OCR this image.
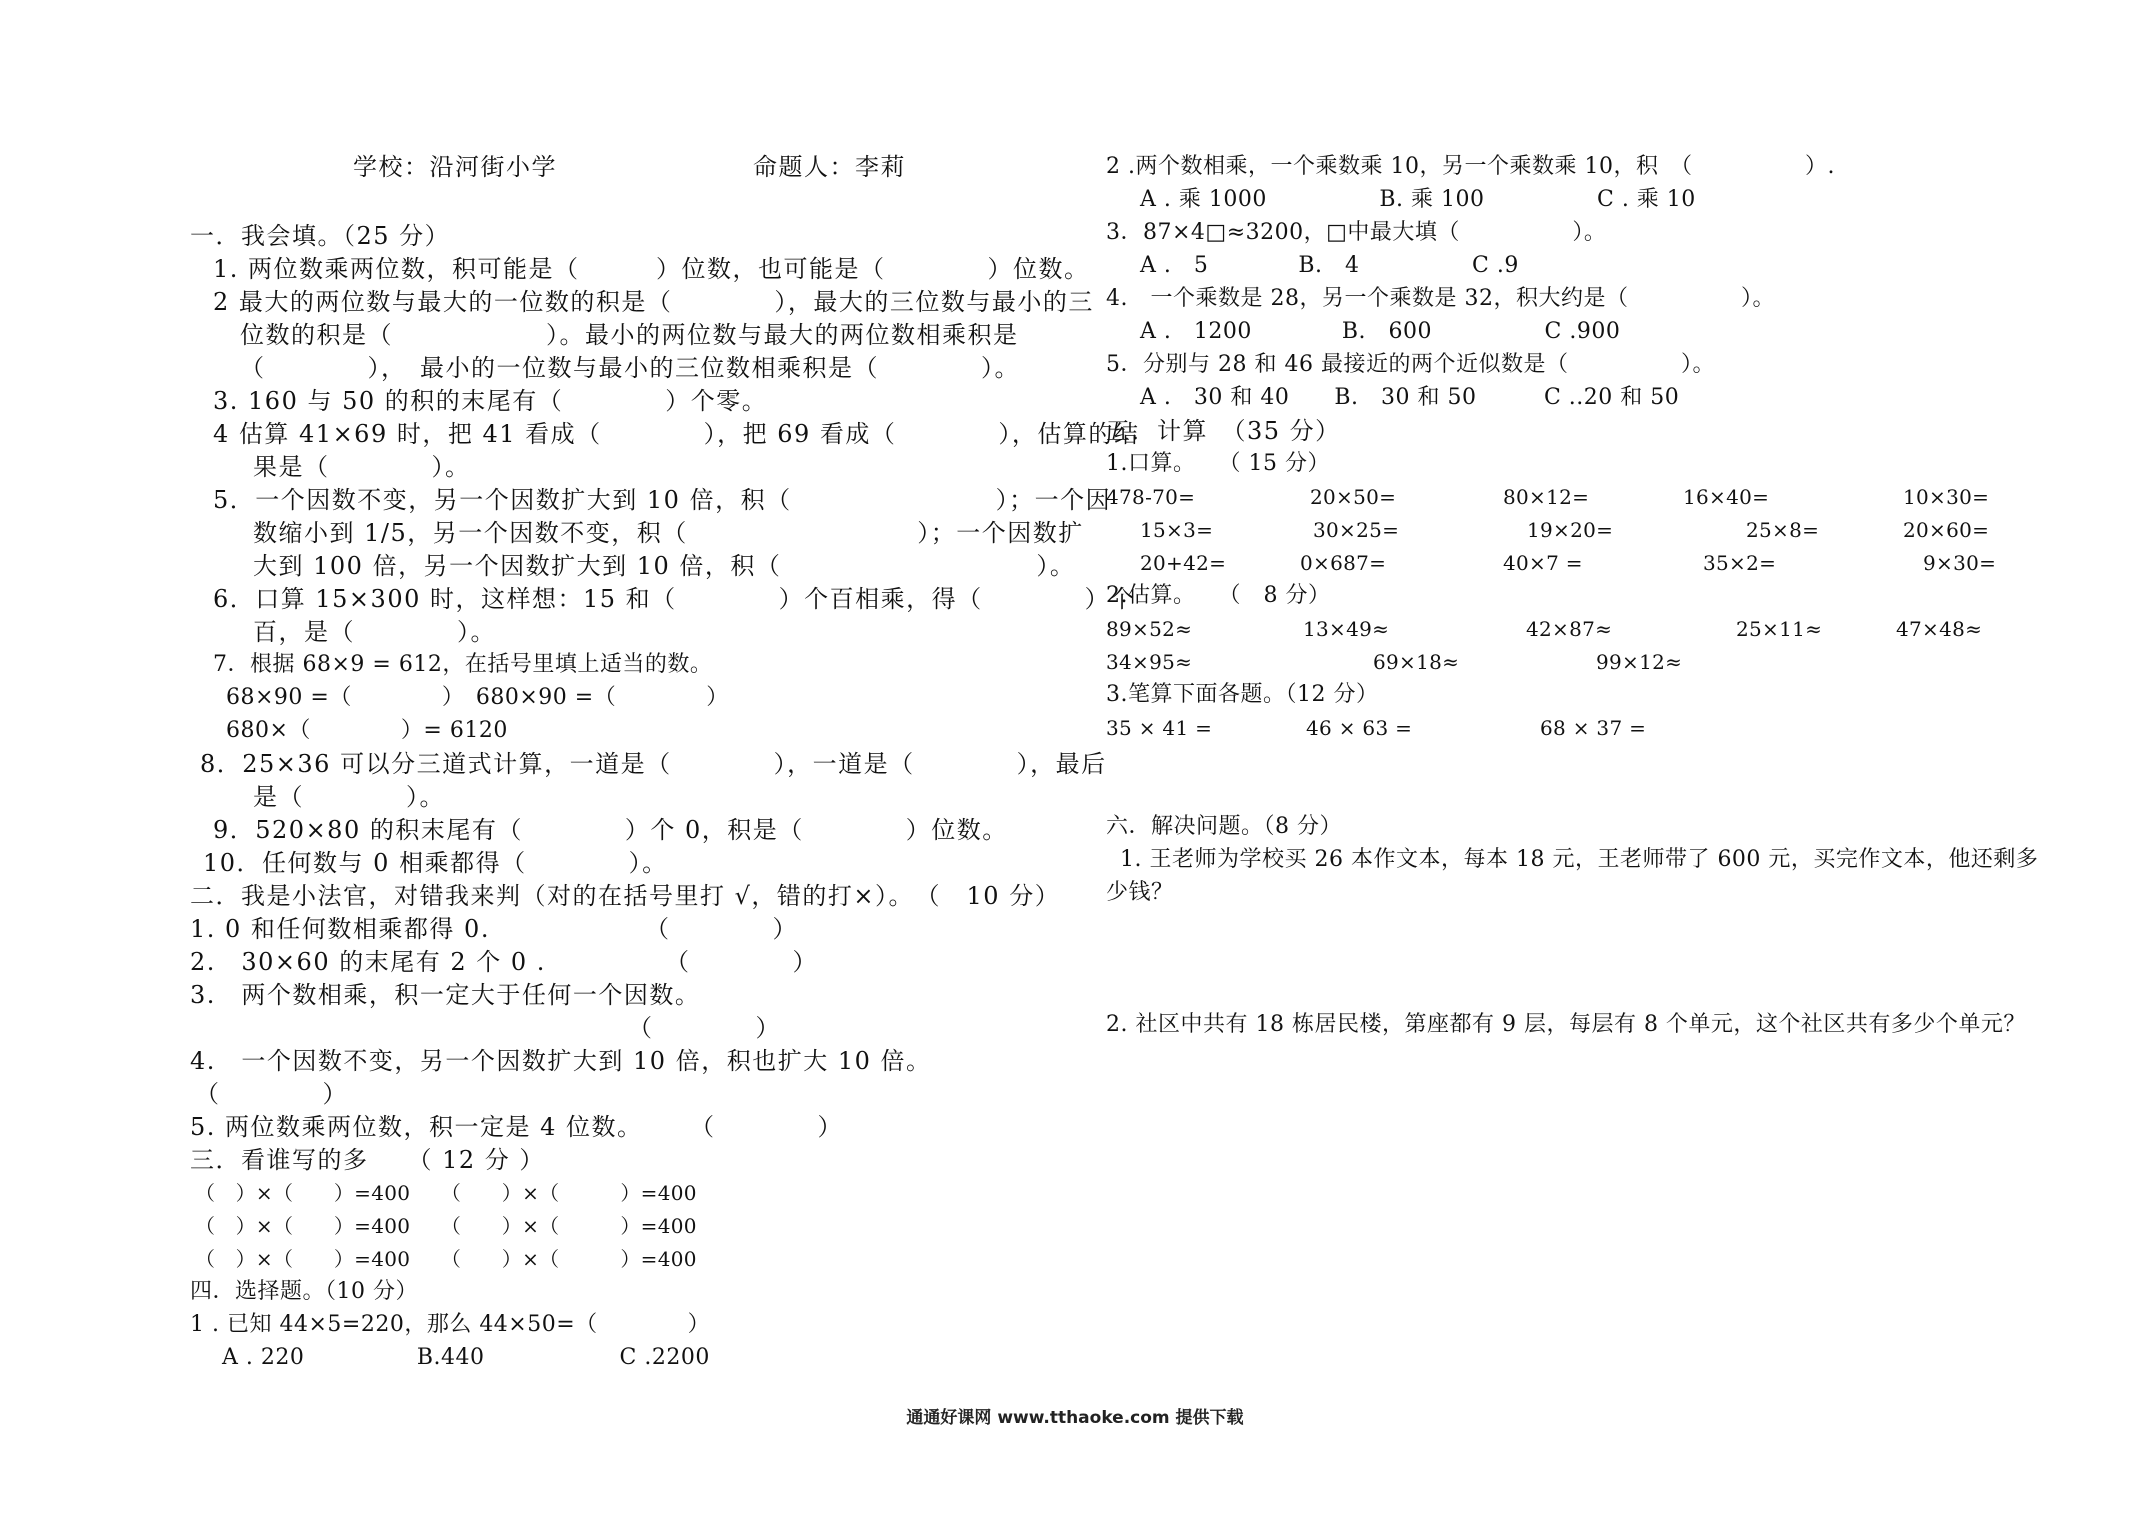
学校：沿河街小学	命题人：李莉
一．我会填。（25 分）
1. 两位数乘两位数，积可能是（　　　）位数，也可能是（　　　　）位数。
2 最大的两位数与最大的一位数的积是（　　　　），最大的三位数与最小的三
位数的积是（　　　　　　）。最小的两位数与最大的两位数相乘积是
（　　　　），　最小的一位数与最小的三位数相乘积是（　　　　）。
3. 160 与 50 的积的末尾有（　　　　）个零。
4 估算 41×69 时，把 41 看成（　　　　），把 69 看成（　　　　），估算的结
果是（　　　　）。
5．一个因数不变，另一个因数扩大到 10 倍，积（　　　　　　　　）；一个因
数缩小到 1/5，另一个因数不变，积（　　　　　　　　　）；一个因数扩
大到 100 倍，另一个因数扩大到 10 倍，积（　　　　　　　　　　）。
6．口算 15×300 时，这样想：15 和（　　　　）个百相乘，得（　　　　）个
百，是（　　　　）。
7．根据 68×9 = 612，在括号里填上适当的数。
68×90 =（　　　　）　680×90 =（　　　　）
680×（　　　　）= 6120
8．25×36 可以分三道式计算，一道是（　　　　），一道是（　　　　），最后
是（　　　　）。
9．520×80 的积末尾有（　　　　）个 0，积是（　　　　）位数。
10．任何数与 0 相乘都得（　　　　）。
二．我是小法官，对错我来判（对的在括号里打 √，错的打×）。　（　10 分）
1. 0 和任何数相乘都得 0.	（　　　　）
2.　30×60 的末尾有 2 个 0 .	（　　　　）
3.　两个数相乘，积一定大于任何一个因数。
（　　　　）
4.　一个因数不变，另一个因数扩大到 10 倍，积也扩大 10 倍。
（　　　　）
5. 两位数乘两位数，积一定是 4 位数。 （　　　　）
三．看谁写的多　　（ 12 分 ）
（　）×（　　）=400　　（　　）×（　　　）=400
（　）×（　　）=400　　（　　）×（　　　）=400
（　）×（　　）=400　　（　　）×（　　　）=400
四．选择题。（10 分）
1 . 已知 44×5=220，那么 44×50=（　　　　）
A . 220　　　　　B.440　　　　　　C .2200
2 .两个数相乘，一个乘数乘 10，另一个乘数乘 10，积　（　　　　　）.
A . 乘 1000　　　　　B. 乘 100　　　　　C . 乘 10
3．87×4□≈3200，□中最大填（　　　　　）。
A .　5　　　　B.　4　　　　　C .9
4.　一个乘数是 28，另一个乘数是 32，积大约是（　　　　　）。
A .　1200　　　　B.　600　　　　　C .900
5．分别与 28 和 46 最接近的两个近似数是（　　　　　）。
A .　30 和 40　　B.　30 和 50　　　C ..20 和 50
五．计算　（35 分）
1.口算。　　（ 15 分）
478-70=	20×50=	80×12=	16×40=	10×30=
15×3=	30×25=	19×20=	25×8=	20×60=
20+42=	0×687=	40×7 =	35×2=	9×30=
2.估算。　　（　8 分）
89×52≈	13×49≈	42×87≈	25×11≈	47×48≈
34×95≈	69×18≈	99×12≈
3.笔算下面各题。（12 分）
35 × 41 =	46 × 63 =	68 × 37 =
六．解决问题。（8 分）
1. 王老师为学校买 26 本作文本，每本 18 元，王老师带了 600 元，买完作文本，他还剩多
少钱？
2. 社区中共有 18 栋居民楼，第座都有 9 层，每层有 8 个单元，这个社区共有多少个单元？
通通好课网 www.tthaoke.com 提供下载
